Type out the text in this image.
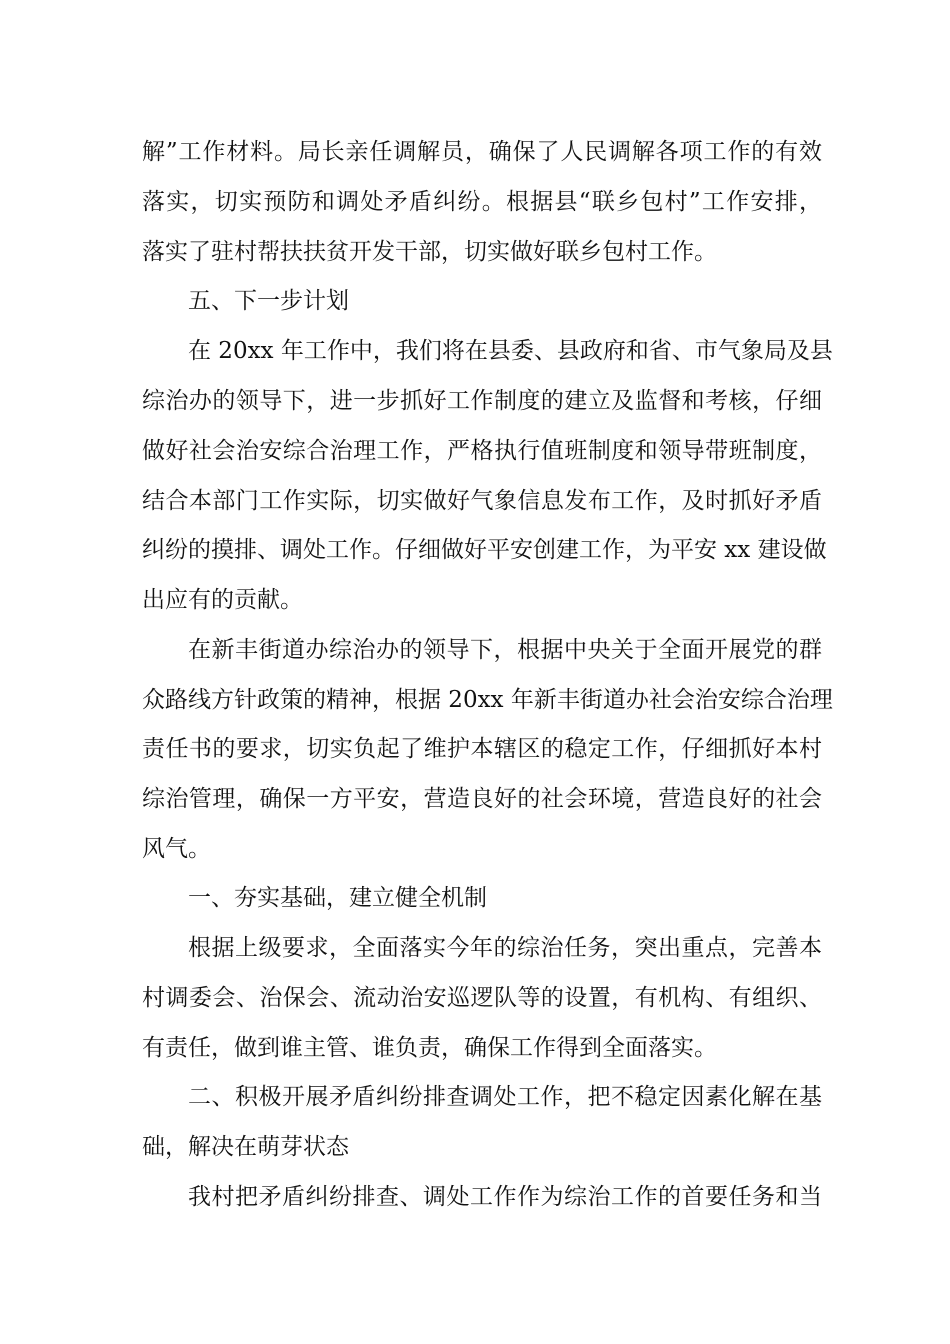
解”工作材料。局长亲任调解员，确保了人民调解各项工作的有效
落实，切实预防和调处矛盾纠纷。根据县“联乡包村”工作安排，
落实了驻村帮扶扶贫开发干部，切实做好联乡包村工作。
五、下一步计划
在 20xx 年工作中，我们将在县委、县政府和省、市气象局及县
综治办的领导下，进一步抓好工作制度的建立及监督和考核，仔细
做好社会治安综合治理工作，严格执行值班制度和领导带班制度，
结合本部门工作实际，切实做好气象信息发布工作，及时抓好矛盾
纠纷的摸排、调处工作。仔细做好平安创建工作，为平安 xx 建设做
出应有的贡献。
在新丰街道办综治办的领导下，根据中央关于全面开展党的群
众路线方针政策的精神，根据 20xx 年新丰街道办社会治安综合治理
责任书的要求，切实负起了维护本辖区的稳定工作，仔细抓好本村
综治管理，确保一方平安，营造良好的社会环境，营造良好的社会
风气。
一、夯实基础，建立健全机制
根据上级要求，全面落实今年的综治任务，突出重点，完善本
村调委会、治保会、流动治安巡逻队等的设置，有机构、有组织、
有责任，做到谁主管、谁负责，确保工作得到全面落实。
二、积极开展矛盾纠纷排查调处工作，把不稳定因素化解在基
础，解决在萌芽状态
我村把矛盾纠纷排查、调处工作作为综治工作的首要任务和当
